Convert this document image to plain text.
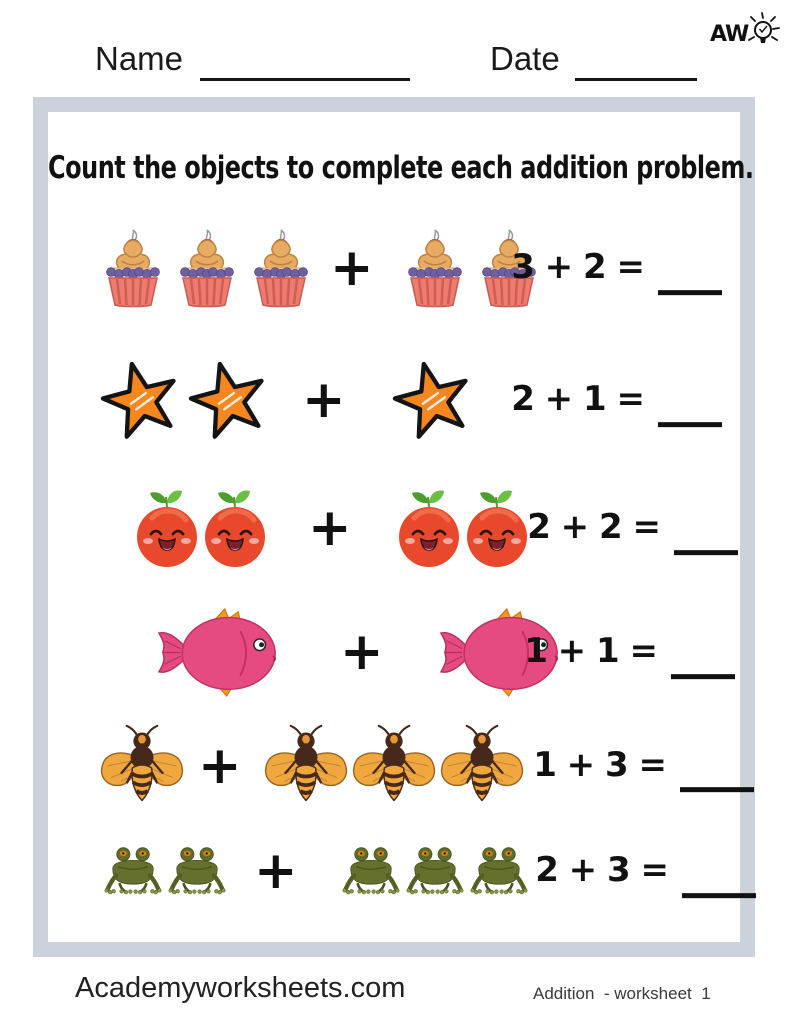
AW
Name	Date
Count the objects to complete each addition problem.
+	3 + 2 =
+	2 + 1 =
+	2 + 2 =
+	1 + 1 =
+	1 + 3 =
+	2 + 3 =
Academyworksheets.com	Addition  - worksheet  1
